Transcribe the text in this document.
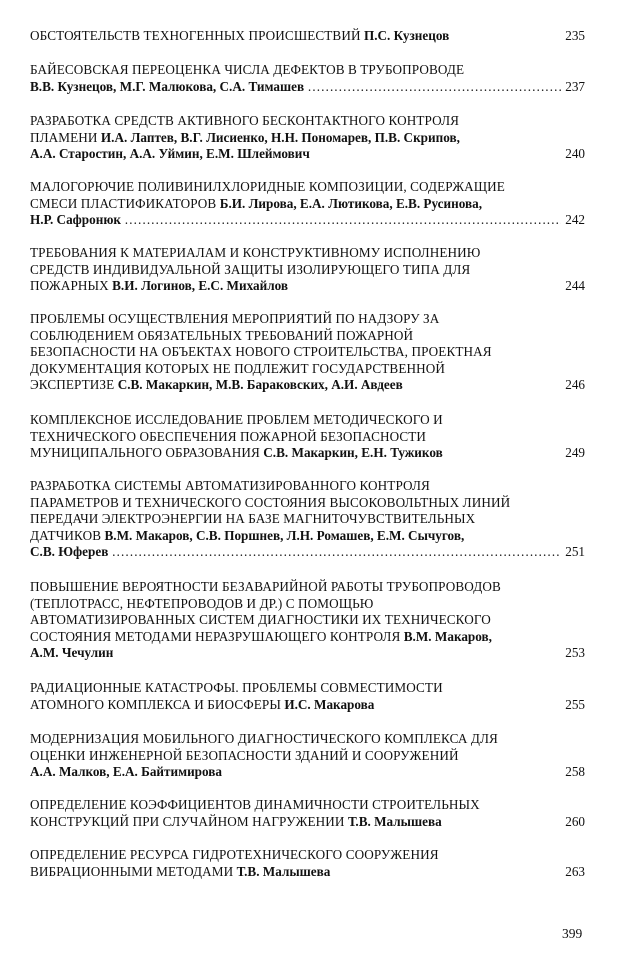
ОБСТОЯТЕЛЬСТВ ТЕХНОГЕННЫХ ПРОИСШЕСТВИЙ П.С. Кузнецов	235
БАЙЕСОВСКАЯ ПЕРЕОЦЕНКА ЧИСЛА ДЕФЕКТОВ В ТРУБОПРОВОДЕ
В.В. Кузнецов, М.Г. Малюкова, С.А. Тимашев ………………………………………………………………………………………………………………………………………	237
РАЗРАБОТКА СРЕДСТВ АКТИВНОГО БЕСКОНТАКТНОГО КОНТРОЛЯ
ПЛАМЕНИ И.А. Лаптев, В.Г. Лисиенко, Н.Н. Пономарев, П.В. Скрипов,
А.А. Старостин, А.А. Уймин, Е.М. Шлеймович	240
МАЛОГОРЮЧИЕ ПОЛИВИНИЛХЛОРИДНЫЕ КОМПОЗИЦИИ, СОДЕРЖАЩИЕ
СМЕСИ ПЛАСТИФИКАТОРОВ Б.И. Лирова, Е.А. Лютикова, Е.В. Русинова,
Н.Р. Сафронюк ………………………………………………………………………………………………………………………………………	242
ТРЕБОВАНИЯ К МАТЕРИАЛАМ И КОНСТРУКТИВНОМУ ИСПОЛНЕНИЮ
СРЕДСТВ ИНДИВИДУАЛЬНОЙ ЗАЩИТЫ ИЗОЛИРУЮЩЕГО ТИПА ДЛЯ
ПОЖАРНЫХ В.И. Логинов, Е.С. Михайлов	244
ПРОБЛЕМЫ ОСУЩЕСТВЛЕНИЯ МЕРОПРИЯТИЙ ПО НАДЗОРУ ЗА
СОБЛЮДЕНИЕМ ОБЯЗАТЕЛЬНЫХ ТРЕБОВАНИЙ ПОЖАРНОЙ
БЕЗОПАСНОСТИ НА ОБЪЕКТАХ НОВОГО СТРОИТЕЛЬСТВА, ПРОЕКТНАЯ
ДОКУМЕНТАЦИЯ КОТОРЫХ НЕ ПОДЛЕЖИТ ГОСУДАРСТВЕННОЙ
ЭКСПЕРТИЗЕ С.В. Макаркин, М.В. Бараковских, А.И. Авдеев	246
КОМПЛЕКСНОЕ ИССЛЕДОВАНИЕ ПРОБЛЕМ МЕТОДИЧЕСКОГО И
ТЕХНИЧЕСКОГО ОБЕСПЕЧЕНИЯ ПОЖАРНОЙ БЕЗОПАСНОСТИ
МУНИЦИПАЛЬНОГО ОБРАЗОВАНИЯ С.В. Макаркин, Е.Н. Тужиков	249
РАЗРАБОТКА СИСТЕМЫ АВТОМАТИЗИРОВАННОГО КОНТРОЛЯ
ПАРАМЕТРОВ И ТЕХНИЧЕСКОГО СОСТОЯНИЯ ВЫСОКОВОЛЬТНЫХ ЛИНИЙ
ПЕРЕДАЧИ ЭЛЕКТРОЭНЕРГИИ НА БАЗЕ МАГНИТОЧУВСТВИТЕЛЬНЫХ
ДАТЧИКОВ В.М. Макаров, С.В. Поршнев, Л.Н. Ромашев, Е.М. Сычугов,
С.В. Юферев ………………………………………………………………………………………………………………………………………	251
ПОВЫШЕНИЕ ВЕРОЯТНОСТИ БЕЗАВАРИЙНОЙ РАБОТЫ ТРУБОПРОВОДОВ
(ТЕПЛОТРАСС, НЕФТЕПРОВОДОВ И ДР.) С ПОМОЩЬЮ
АВТОМАТИЗИРОВАННЫХ СИСТЕМ ДИАГНОСТИКИ ИХ ТЕХНИЧЕСКОГО
СОСТОЯНИЯ МЕТОДАМИ НЕРАЗРУШАЮЩЕГО КОНТРОЛЯ В.М. Макаров,
А.М. Чечулин	253
РАДИАЦИОННЫЕ КАТАСТРОФЫ. ПРОБЛЕМЫ СОВМЕСТИМОСТИ
АТОМНОГО КОМПЛЕКСА И БИОСФЕРЫ И.С. Макарова	255
МОДЕРНИЗАЦИЯ МОБИЛЬНОГО ДИАГНОСТИЧЕСКОГО КОМПЛЕКСА ДЛЯ
ОЦЕНКИ ИНЖЕНЕРНОЙ БЕЗОПАСНОСТИ ЗДАНИЙ И СООРУЖЕНИЙ
А.А. Малков, Е.А. Байтимирова	258
ОПРЕДЕЛЕНИЕ КОЭФФИЦИЕНТОВ ДИНАМИЧНОСТИ СТРОИТЕЛЬНЫХ
КОНСТРУКЦИЙ ПРИ СЛУЧАЙНОМ НАГРУЖЕНИИ Т.В. Малышева	260
ОПРЕДЕЛЕНИЕ РЕСУРСА ГИДРОТЕХНИЧЕСКОГО СООРУЖЕНИЯ
ВИБРАЦИОННЫМИ МЕТОДАМИ Т.В. Малышева	263
399
